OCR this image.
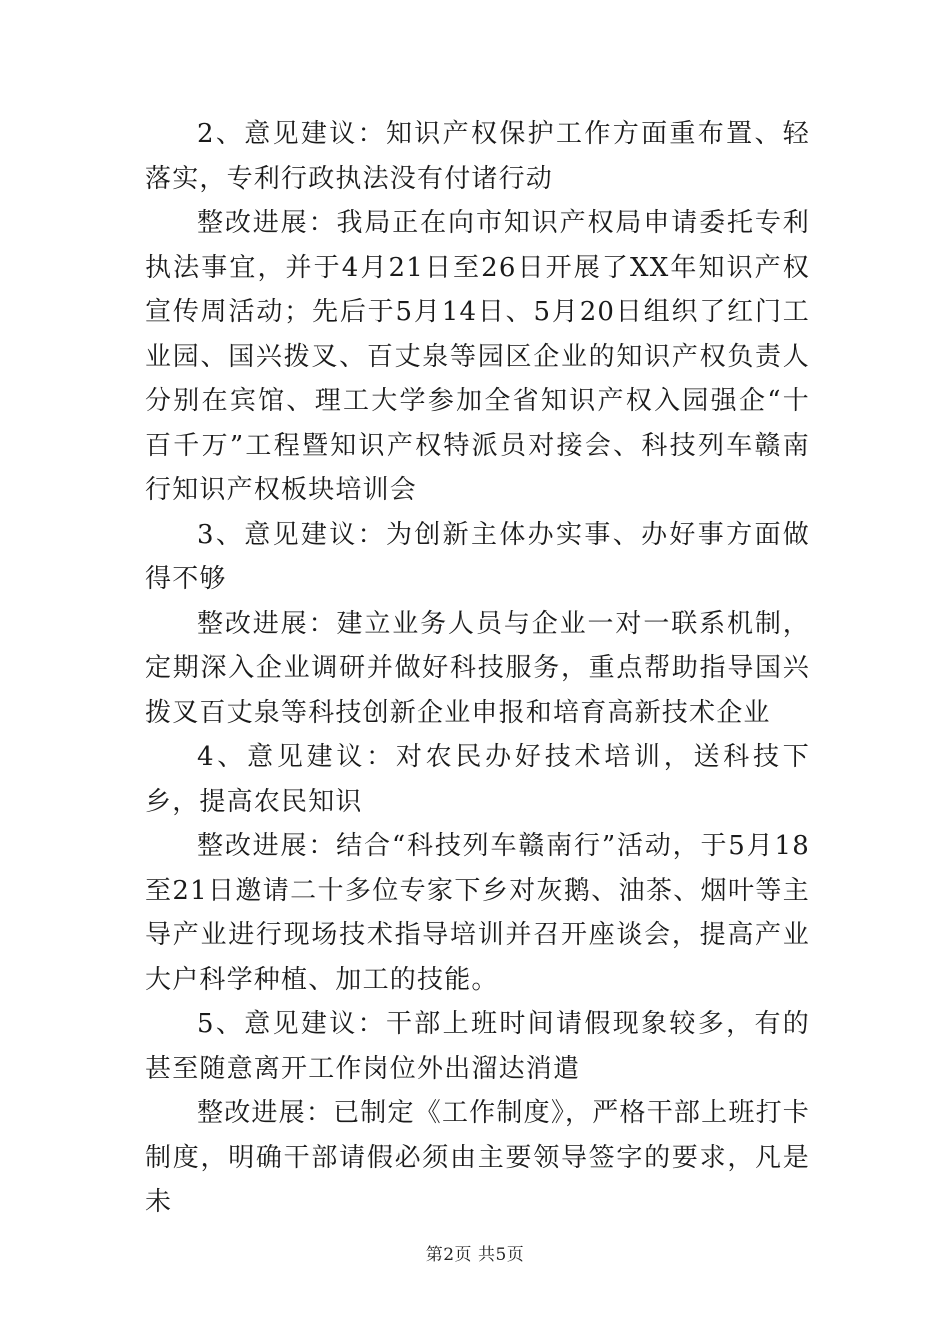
2、意见建议：知识产权保护工作方面重布置、轻落实，专利行政执法没有付诸行动

整改进展：我局正在向市知识产权局申请委托专利执法事宜，并于4月21日至26日开展了XX年知识产权宣传周活动；先后于5月14日、5月20日组织了红门工业园、国兴拨叉、百丈泉等园区企业的知识产权负责人分别在宾馆、理工大学参加全省知识产权入园强企“十百千万”工程暨知识产权特派员对接会、科技列车赣南行知识产权板块培训会

3、意见建议：为创新主体办实事、办好事方面做得不够

整改进展：建立业务人员与企业一对一联系机制，定期深入企业调研并做好科技服务，重点帮助指导国兴拨叉百丈泉等科技创新企业申报和培育高新技术企业

4、意见建议：对农民办好技术培训，送科技下乡，提高农民知识

整改进展：结合“科技列车赣南行”活动，于5月18至21日邀请二十多位专家下乡对灰鹅、油茶、烟叶等主导产业进行现场技术指导培训并召开座谈会，提高产业大户科学种植、加工的技能。

5、意见建议：干部上班时间请假现象较多，有的甚至随意离开工作岗位外出溜达消遣

整改进展：已制定《工作制度》，严格干部上班打卡制度，明确干部请假必须由主要领导签字的要求，凡是未

第2页 共5页
